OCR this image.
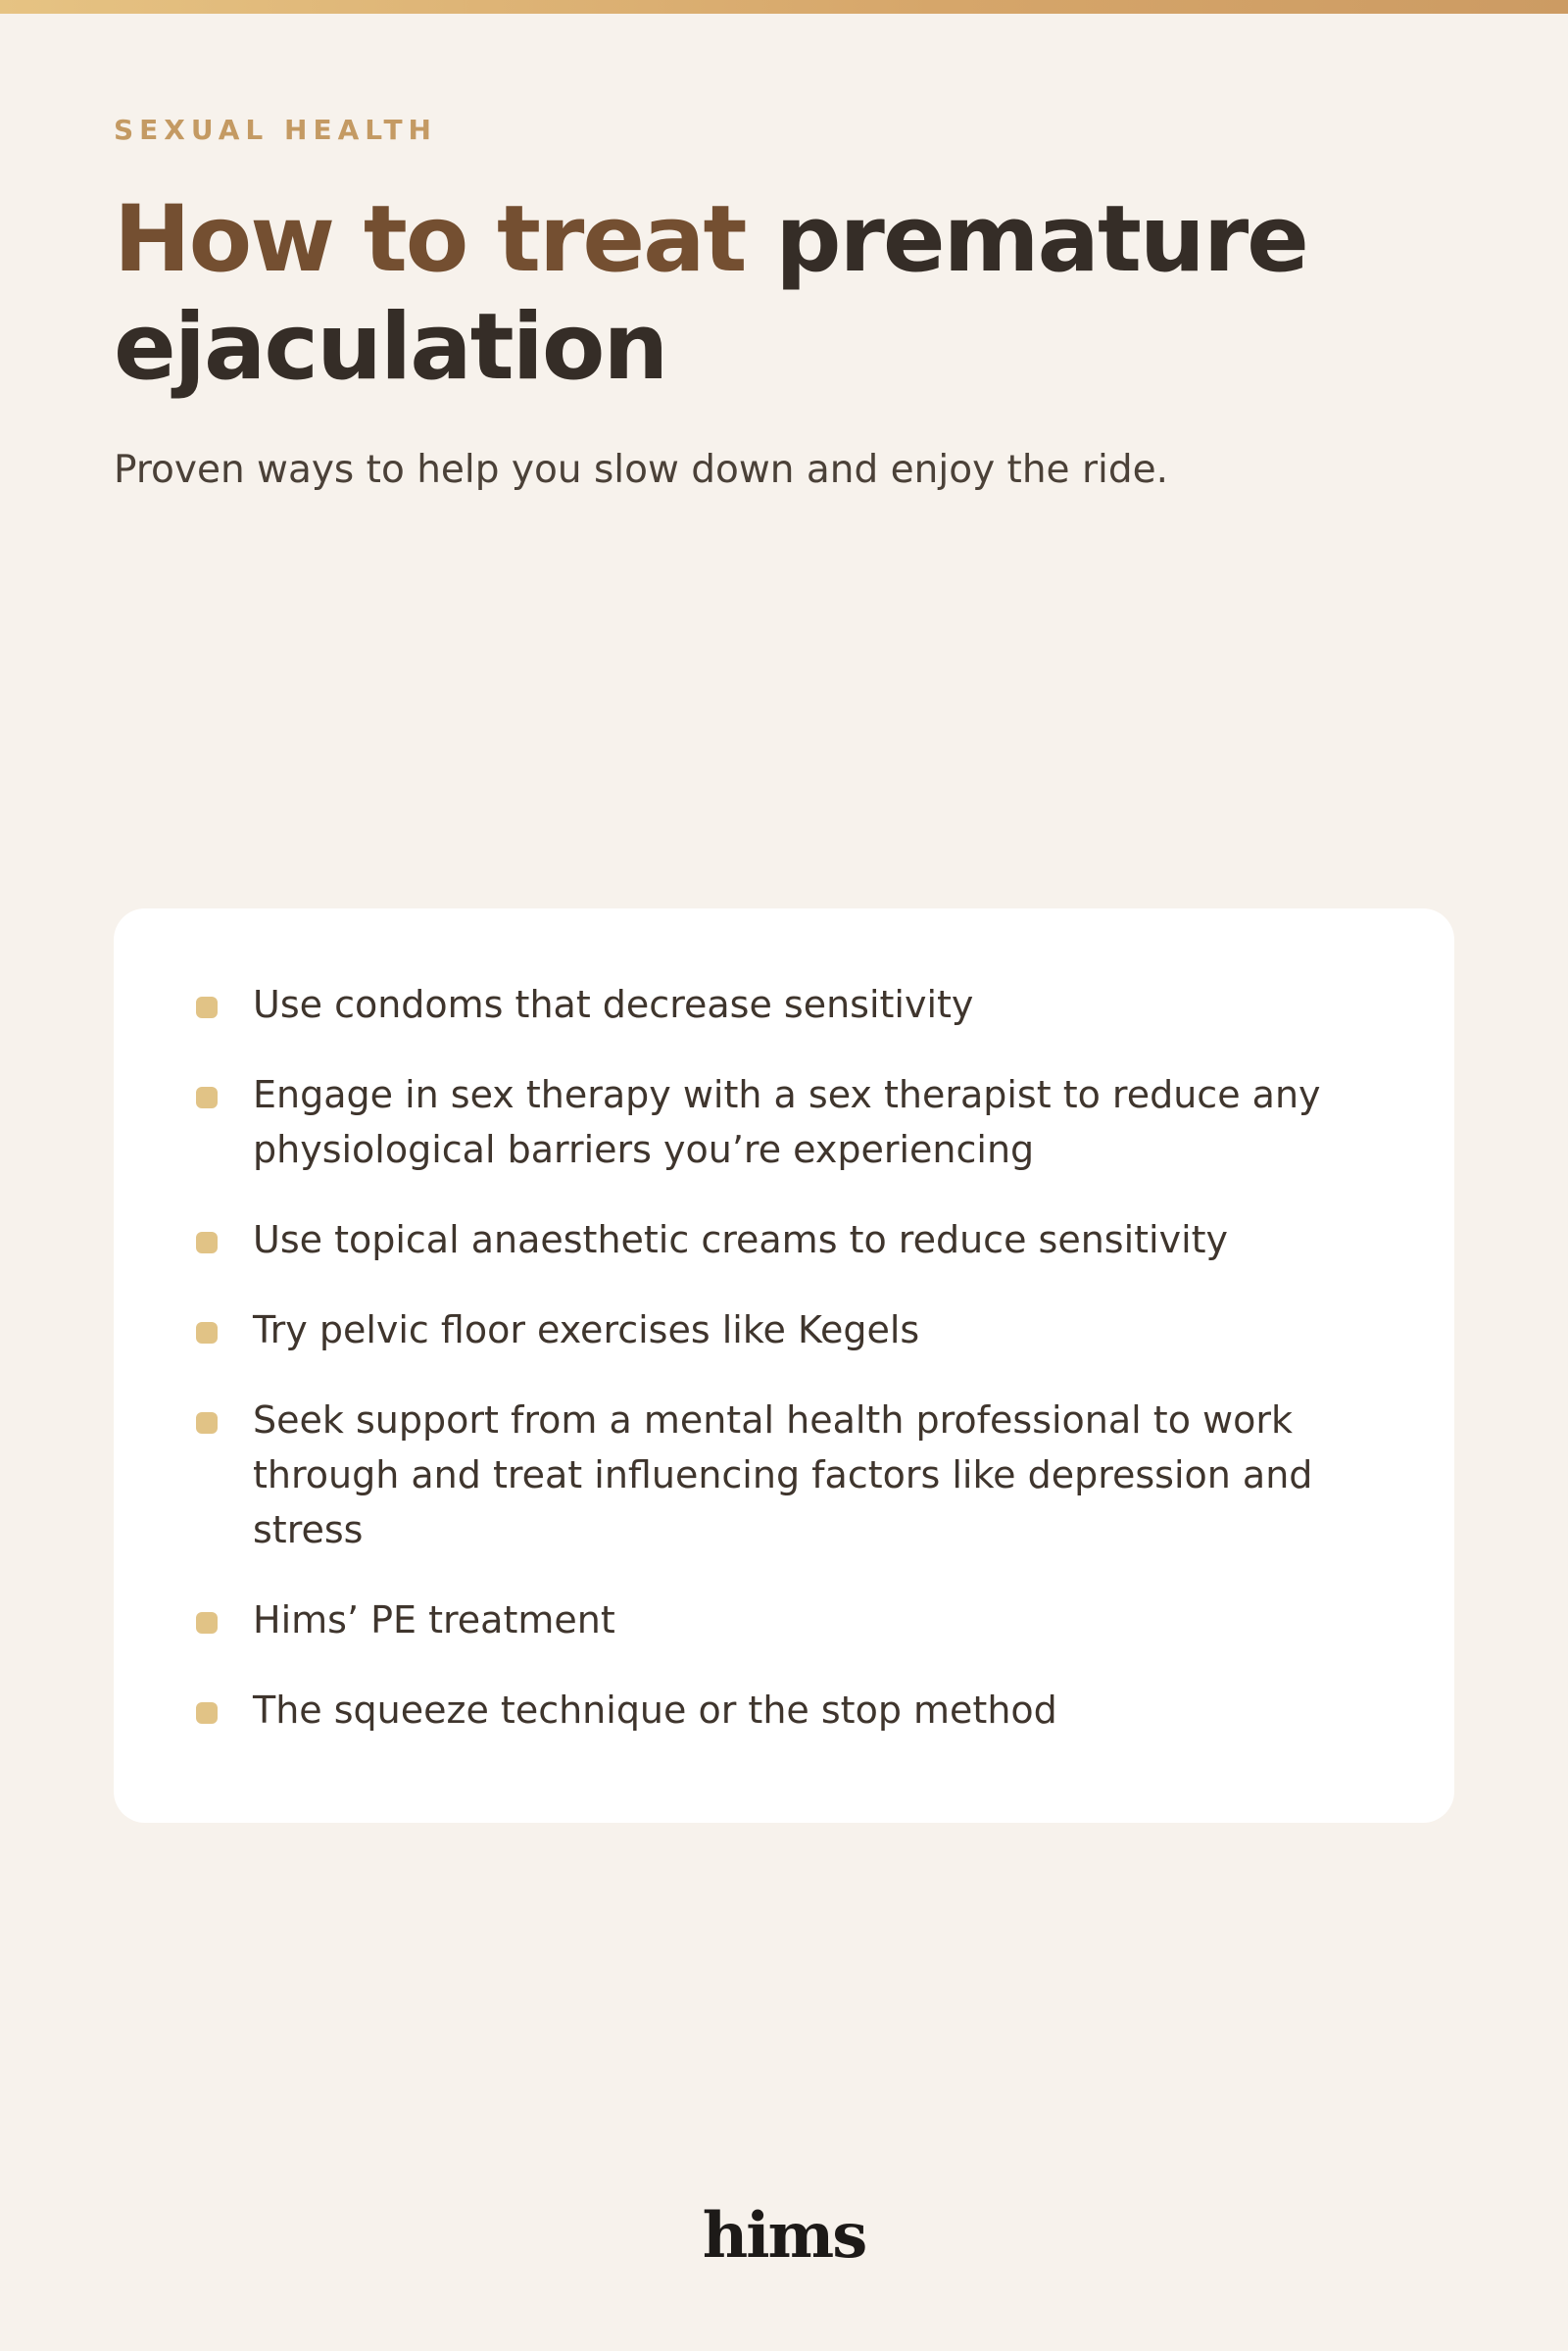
SEXUAL HEALTH
How to treat premature ejaculation

Proven ways to help you slow down and enjoy the ride.

Use condoms that decrease sensitivity
Engage in sex therapy with a sex therapist to reduce any physiological barriers you’re experiencing
Use topical anaesthetic creams to reduce sensitivity
Try pelvic floor exercises like Kegels
Seek support from a mental health professional to work through and treat influencing factors like depression and stress
Hims’ PE treatment
The squeeze technique or the stop method
hims
